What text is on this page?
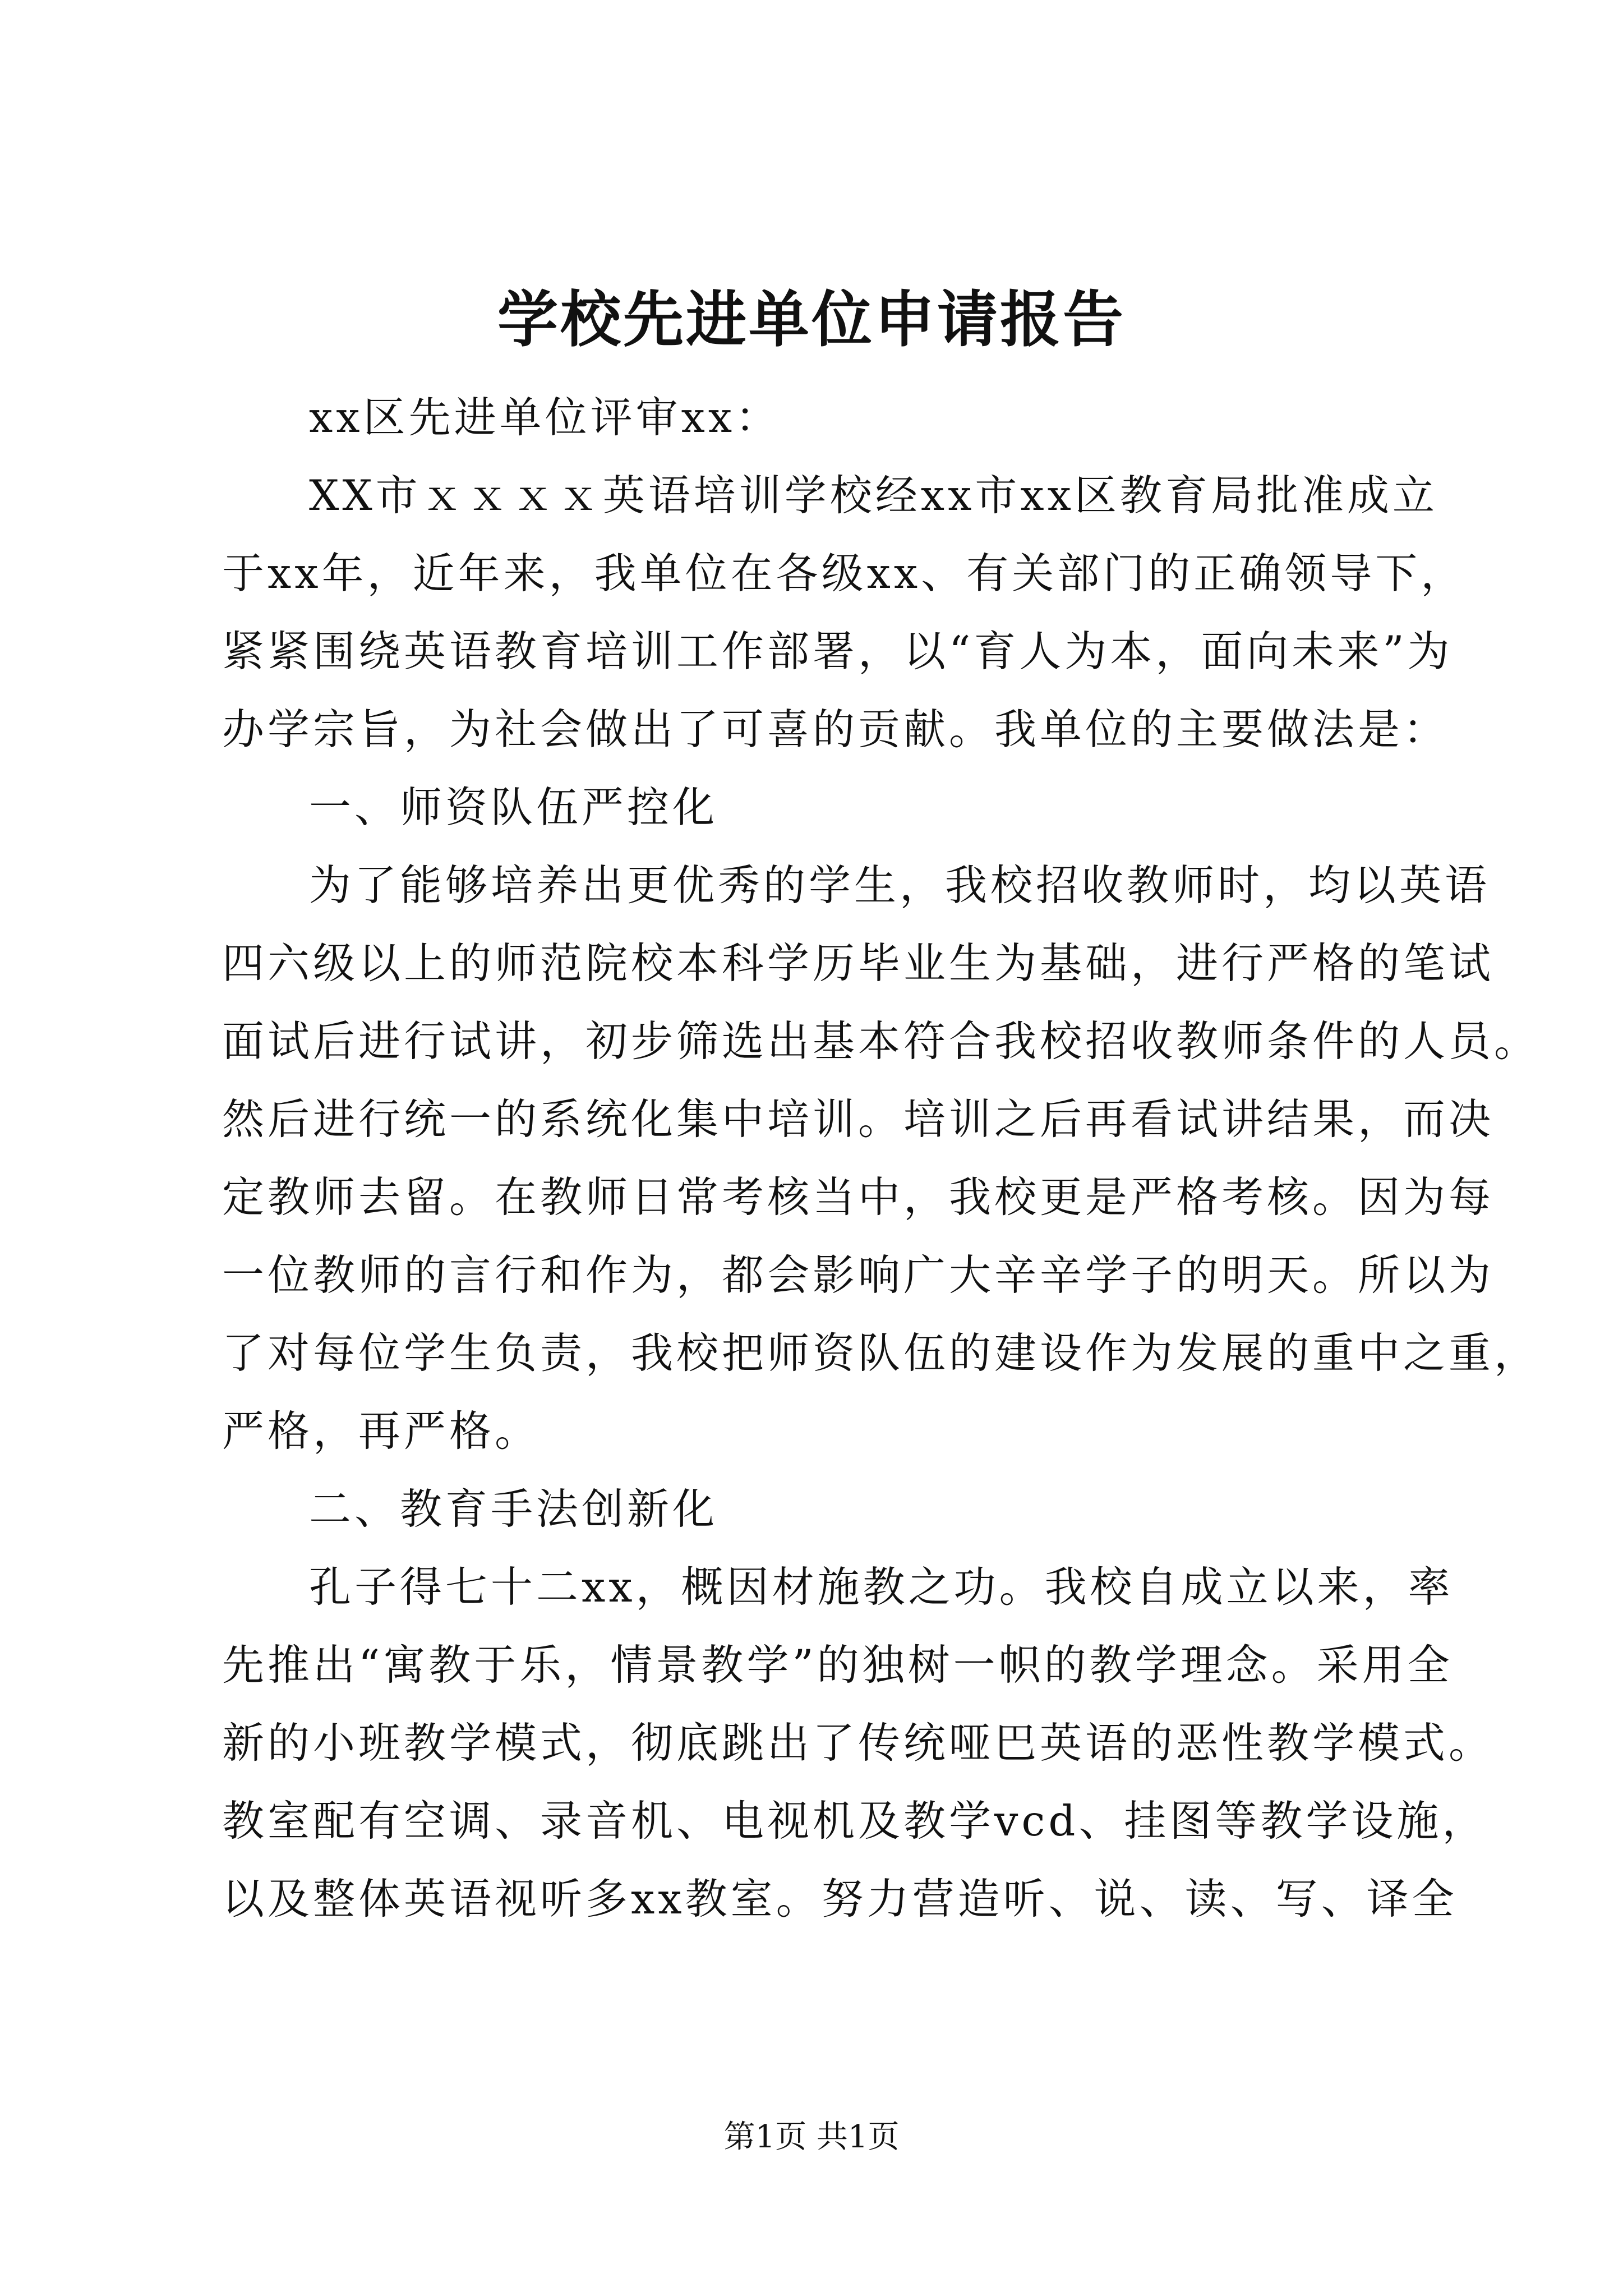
学校先进单位申请报告
xx区先进单位评审xx：
XX市ｘｘｘｘ英语培训学校经xx市xx区教育局批准成立
于xx年，近年来，我单位在各级xx、有关部门的正确领导下，
紧紧围绕英语教育培训工作部署，以“育人为本，面向未来”为
办学宗旨，为社会做出了可喜的贡献。我单位的主要做法是：
一、师资队伍严控化
为了能够培养出更优秀的学生，我校招收教师时，均以英语
四六级以上的师范院校本科学历毕业生为基础，进行严格的笔试
面试后进行试讲，初步筛选出基本符合我校招收教师条件的人员。
然后进行统一的系统化集中培训。培训之后再看试讲结果，而决
定教师去留。在教师日常考核当中，我校更是严格考核。因为每
一位教师的言行和作为，都会影响广大辛辛学子的明天。所以为
了对每位学生负责，我校把师资队伍的建设作为发展的重中之重，
严格，再严格。
二、教育手法创新化
孔子得七十二xx，概因材施教之功。我校自成立以来，率
先推出“寓教于乐，情景教学”的独树一帜的教学理念。采用全
新的小班教学模式，彻底跳出了传统哑巴英语的恶性教学模式。
教室配有空调、录音机、电视机及教学vcd、挂图等教学设施，
以及整体英语视听多xx教室。努力营造听、说、读、写、译全
第1页 共1页
